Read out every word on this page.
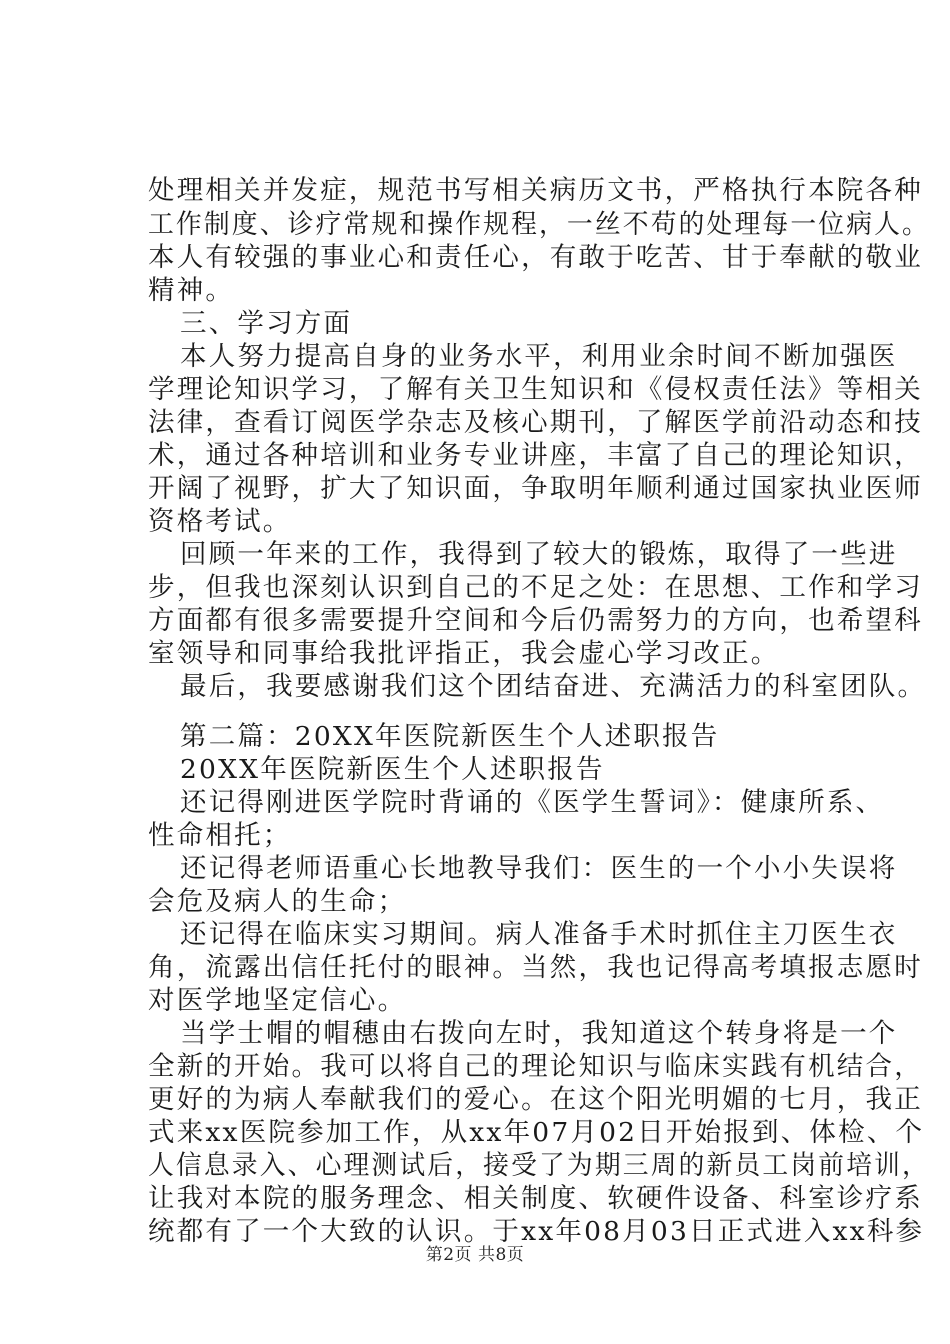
处理相关并发症，规范书写相关病历文书，严格执行本院各种
工作制度、诊疗常规和操作规程，一丝不苟的处理每一位病人。
本人有较强的事业心和责任心，有敢于吃苦、甘于奉献的敬业
精神。
三、学习方面
本人努力提高自身的业务水平，利用业余时间不断加强医
学理论知识学习，了解有关卫生知识和《侵权责任法》等相关
法律，查看订阅医学杂志及核心期刊，了解医学前沿动态和技
术，通过各种培训和业务专业讲座，丰富了自己的理论知识，
开阔了视野，扩大了知识面，争取明年顺利通过国家执业医师
资格考试。
回顾一年来的工作，我得到了较大的锻炼，取得了一些进
步，但我也深刻认识到自己的不足之处：在思想、工作和学习
方面都有很多需要提升空间和今后仍需努力的方向，也希望科
室领导和同事给我批评指正，我会虚心学习改正。
最后，我要感谢我们这个团结奋进、充满活力的科室团队。
第二篇：20XX年医院新医生个人述职报告
20XX年医院新医生个人述职报告
还记得刚进医学院时背诵的《医学生誓词》：健康所系、
性命相托；
还记得老师语重心长地教导我们：医生的一个小小失误将
会危及病人的生命；
还记得在临床实习期间。病人准备手术时抓住主刀医生衣
角，流露出信任托付的眼神。当然，我也记得高考填报志愿时
对医学地坚定信心。
当学士帽的帽穗由右拨向左时，我知道这个转身将是一个
全新的开始。我可以将自己的理论知识与临床实践有机结合，
更好的为病人奉献我们的爱心。在这个阳光明媚的七月，我正
式来xx医院参加工作，从xx年07月02日开始报到、体检、个
人信息录入、心理测试后，接受了为期三周的新员工岗前培训，
让我对本院的服务理念、相关制度、软硬件设备、科室诊疗系
统都有了一个大致的认识。于xx年08月03日正式进入xx科参
第2页 共8页
